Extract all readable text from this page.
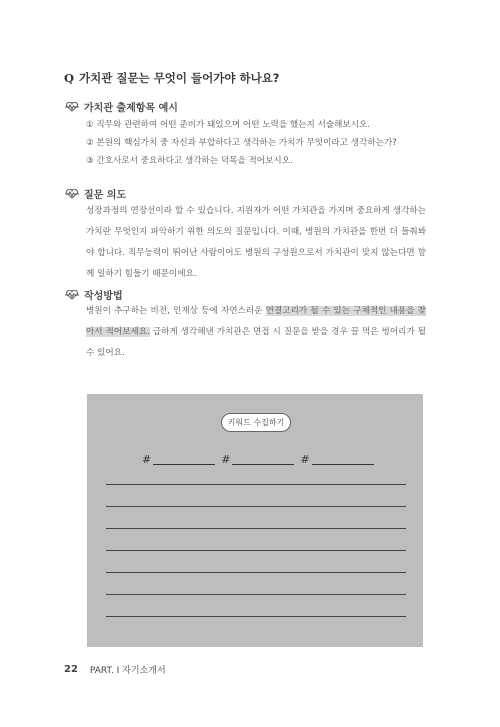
Q 가치관 질문는 무엇이 들어가야 하나요?
가치관 출제항목 예시
① 직무와 관련하여 어떤 준비가 돼있으며 어떤 노력을 했는지 서술해보시오.
② 본원의 핵심가치 중 자신과 부합하다고 생각하는 가치가 무엇이라고 생각하는가?
③ 간호사로서 중요하다고 생각하는 덕목을 적어보시오.
질문 의도
성장과정의 연장선이라 할 수 있습니다. 지원자가 어떤 가치관을 가지며 중요하게 생각하는 가치란 무엇인지 파악하기 위한 의도의 질문입니다. 이때, 병원의 가치관을 한번 더 들춰봐야 합니다. 직무능력이 뛰어난 사람이어도 병원의 구성원으로서 가치관이 맞지 않는다면 함께 일하기 힘들기 때문이에요.
작성방법
병원이 추구하는 비전, 인재상 등에 자연스러운 연결고리가 될 수 있는 구체적인 내용을 찾아서 적어보세요. 급하게 생각해낸 가치관은 면접 시 질문을 받을 경우 꿀 먹은 벙어리가 될 수 있어요.
키워드 수집하기
#	#	#
22 PART. Ⅰ 자기소개서
